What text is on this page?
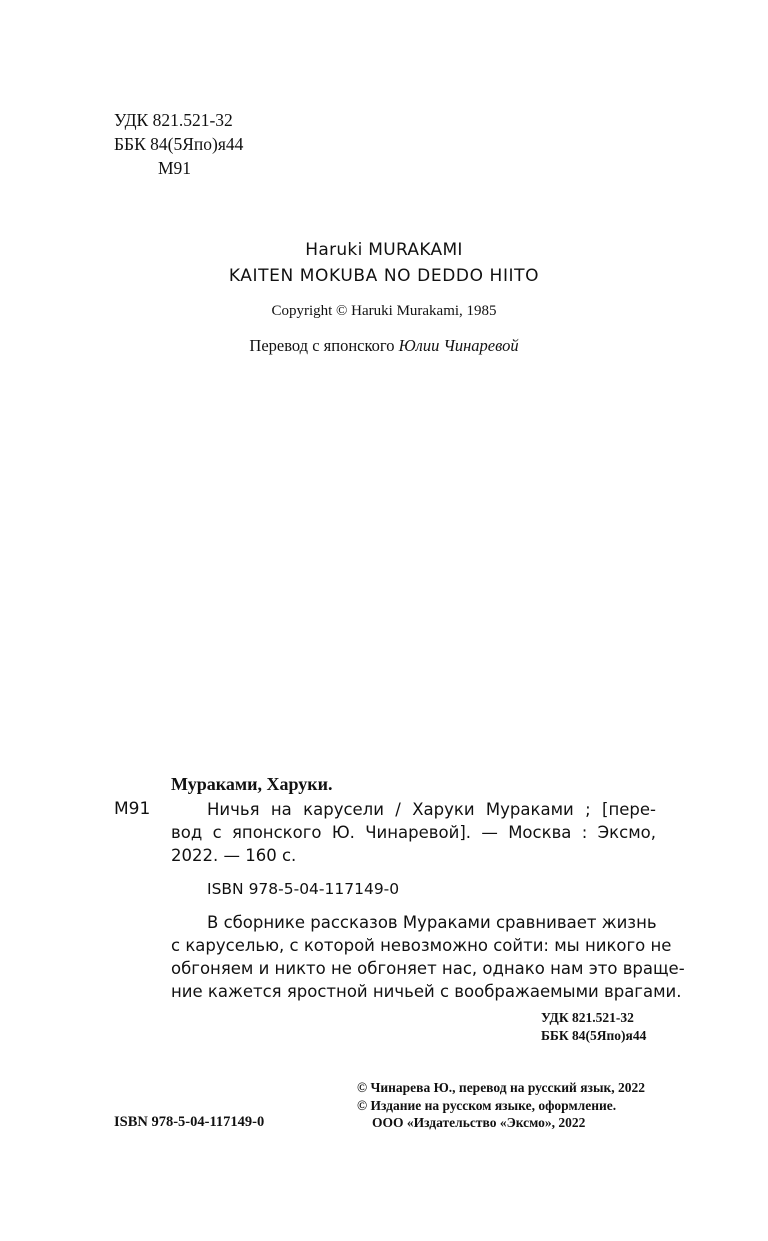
УДК 821.521-32
ББК 84(5Япо)я44
М91
Haruki MURAKAMI
KAITEN MOKUBA NO DEDDO HIITO
Copyright © Haruki Murakami, 1985
Перевод с японского Юлии Чинаревой
Мураками, Харуки.
М91	Ничья на карусели / Харуки Мураками ; [пере-
вод с японского Ю. Чинаревой]. — Москва : Эксмо,
2022. — 160 с.
ISBN 978-5-04-117149-0
В сборнике рассказов Мураками сравнивает жизнь
с каруселью, с которой невозможно сойти: мы никого не
обгоняем и никто не обгоняет нас, однако нам это враще-
ние кажется яростной ничьей с воображаемыми врагами.
УДК 821.521-32
ББК 84(5Япо)я44
© Чинарева Ю., перевод на русский язык, 2022
© Издание на русском языке, оформление.
ООО «Издательство «Эксмо», 2022
ISBN 978-5-04-117149-0
